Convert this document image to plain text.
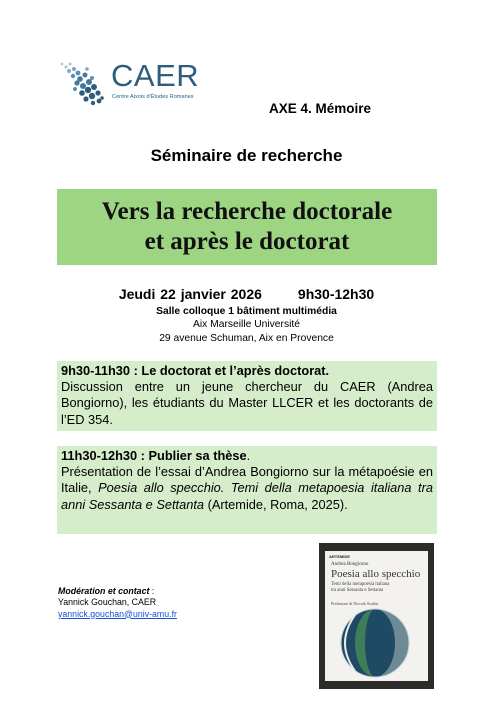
CAER
Centre Aixois d'Études Romanes
AXE 4. Mémoire
Séminaire de recherche
Vers la recherche doctorale
et après le doctorat
Jeudi 22 janvier 2026	9h30-12h30
Salle colloque 1 bâtiment multimédia
Aix Marseille Université
29 avenue Schuman, Aix en Provence
9h30-11h30 : Le doctorat et l’après doctorat.
Discussion entre un jeune chercheur du CAER (Andrea Bongiorno), les étudiants du Master LLCER et les doctorants de l’ED 354.
11h30-12h30 : Publier sa thèse.
Présentation de l’essai d’Andrea Bongiorno sur la métapoésie en Italie, Poesia allo specchio. Temi della metapoesia italiana tra anni Sessanta e Settanta (Artemide, Roma, 2025).
Modération et contact :
Yannick Gouchan, CAER
yannick.gouchan@univ-amu.fr
ARTEMIDE
Andrea Bongiorno
Poesia allo specchio
Temi della metapoesia italiana
tra anni Sessanta e Settanta
Prefazione di Niccolò Scaffai
